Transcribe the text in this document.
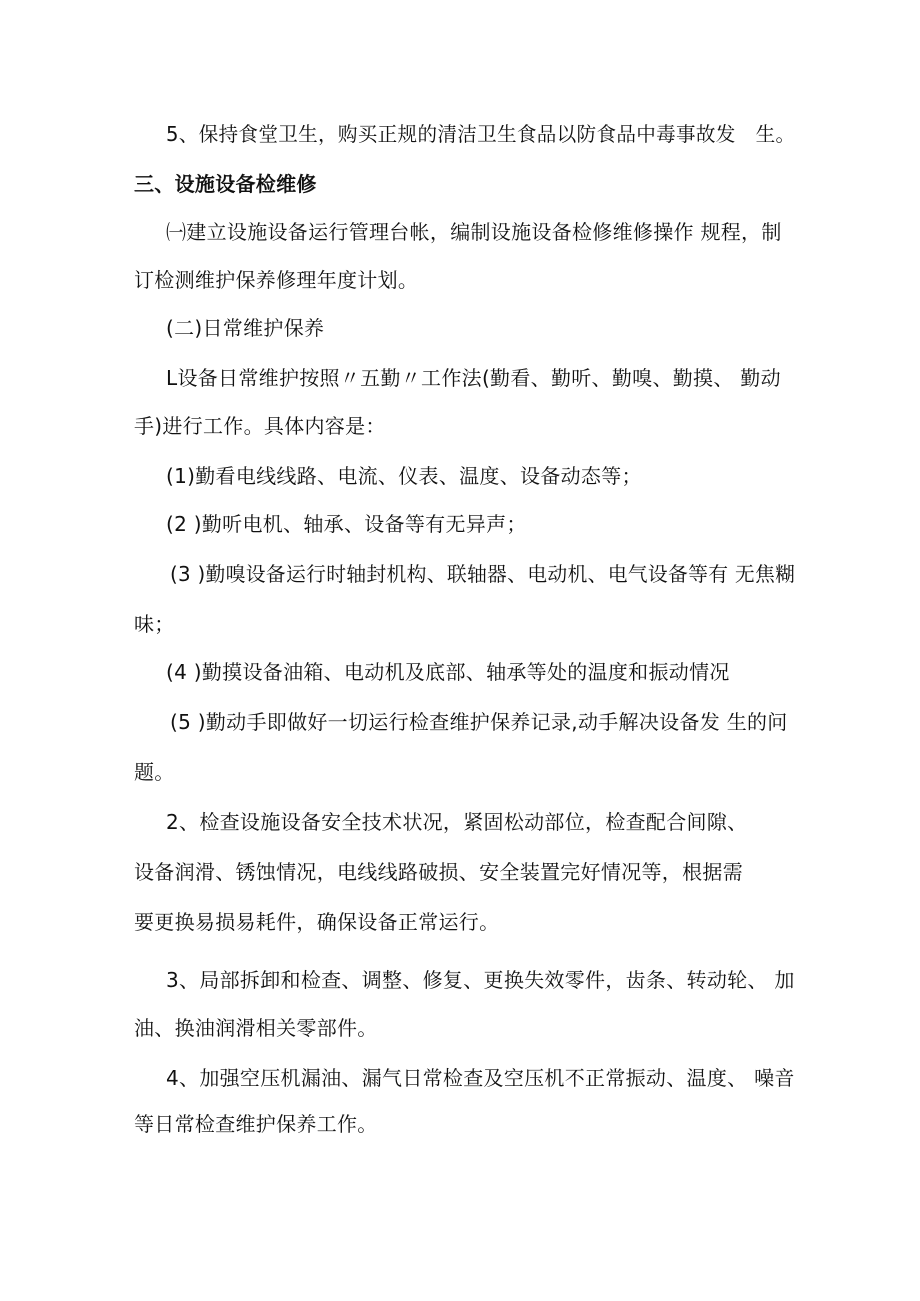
5、保持食堂卫生，购买正规的清洁卫生食品以防食品中毒事故发　生。

三、设施设备检维修

㈠建立设施设备运行管理台帐，编制设施设备检修维修操作 规程，制

订检测维护保养修理年度计划。

(二)日常维护保养

L设备日常维护按照〃五勤〃工作法(勤看、勤听、勤嗅、勤摸、 勤动

手)进行工作。具体内容是：

(1)勤看电线线路、电流、仪表、温度、设备动态等；

(2 )勤听电机、轴承、设备等有无异声；

(3 )勤嗅设备运行时轴封机构、联轴器、电动机、电气设备等有 无焦糊

味；

(4 )勤摸设备油箱、电动机及底部、轴承等处的温度和振动情况

(5 )勤动手即做好一切运行检查维护保养记录,动手解决设备发 生的问

题。

2、检查设施设备安全技术状况，紧固松动部位，检查配合间隙、

设备润滑、锈蚀情况，电线线路破损、安全装置完好情况等，根据需

要更换易损易耗件，确保设备正常运行。

3、局部拆卸和检查、调整、修复、更换失效零件，齿条、转动轮、 加

油、换油润滑相关零部件。

4、加强空压机漏油、漏气日常检查及空压机不正常振动、温度、 噪音

等日常检查维护保养工作。
